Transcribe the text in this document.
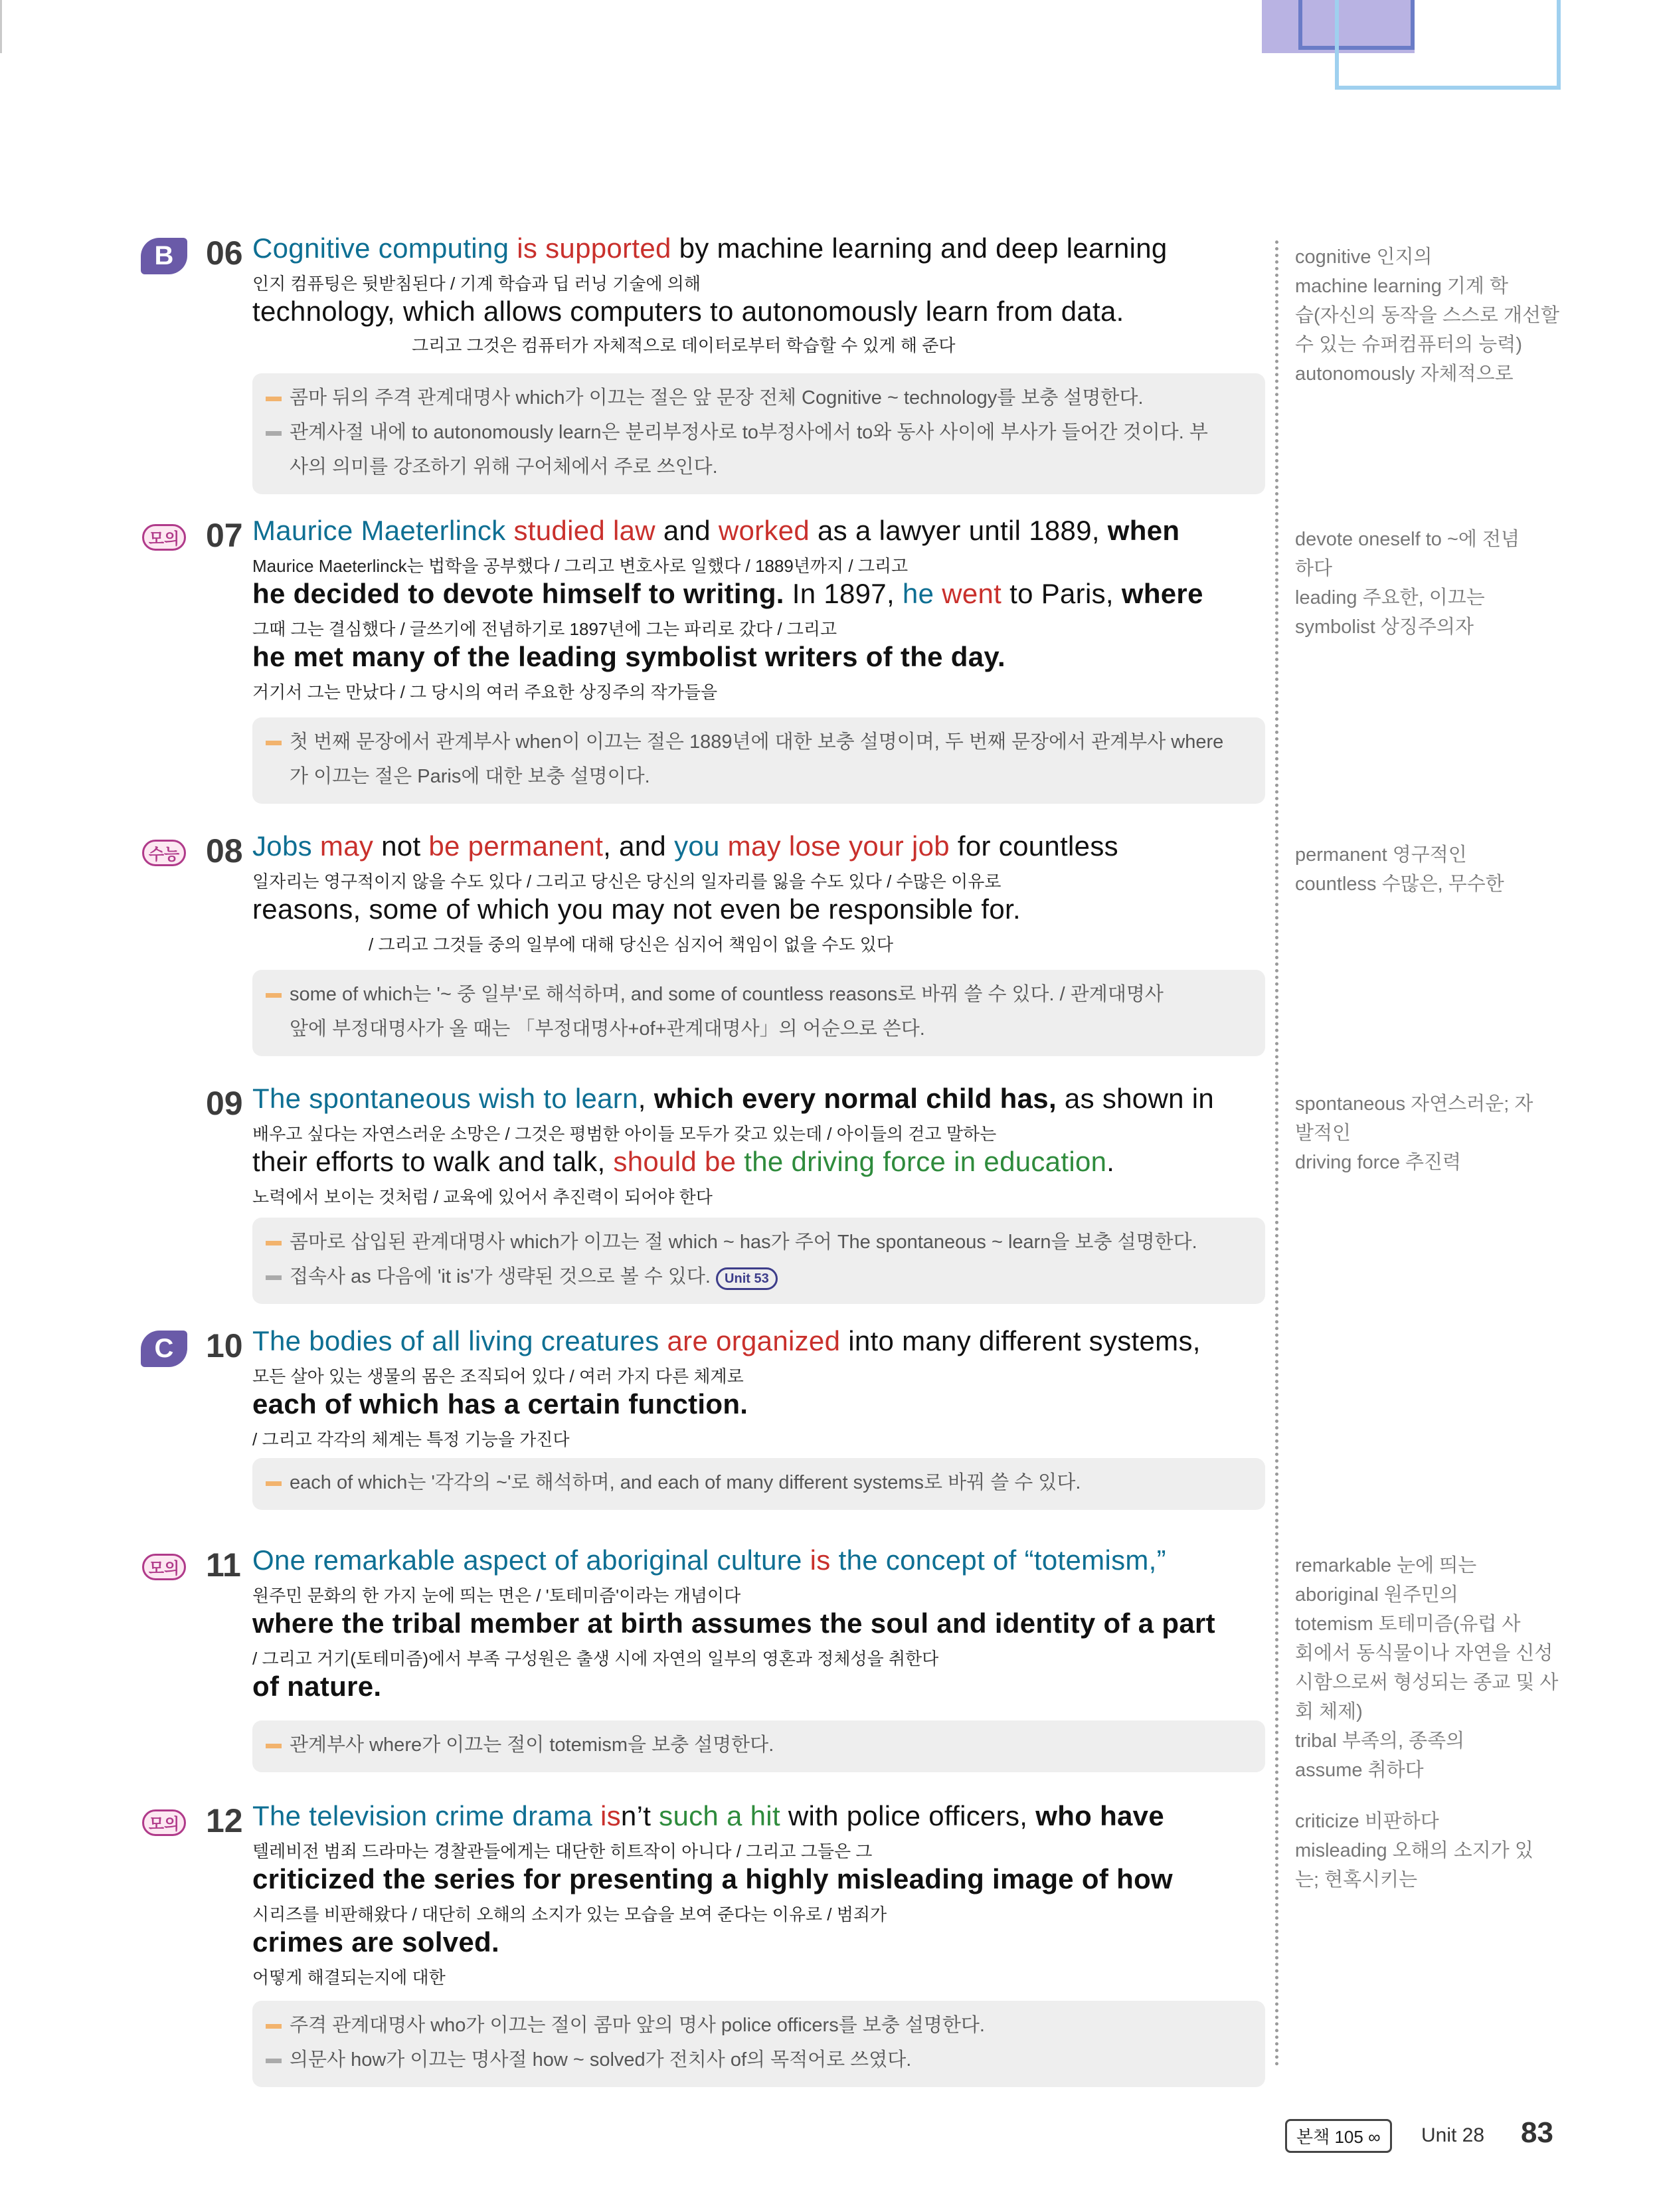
B 06 Cognitive computing is supported by machine learning and deep learning
인지 컴퓨팅은 뒷받침된다 / 기계 학습과 딥 러닝 기술에 의해
technology, which allows computers to autonomously learn from data.
그리고 그것은 컴퓨터가 자체적으로 데이터로부터 학습할 수 있게 해 준다

콤마 뒤의 주격 관계대명사 which가 이끄는 절은 앞 문장 전체 Cognitive ~ technology를 보충 설명한다.

관계사절 내에 to autonomously learn은 분리부정사로 to부정사에서 to와 동사 사이에 부사가 들어간 것이다. 부

사의 의미를 강조하기 위해 구어체에서 주로 쓰인다.

cognitive 인지의
machine learning 기계 학
습(자신의 동작을 스스로 개선할
수 있는 슈퍼컴퓨터의 능력)
autonomously 자체적으로
모의 07 Maurice Maeterlinck studied law and worked as a lawyer until 1889, when
Maurice Maeterlinck는 법학을 공부했다 / 그리고 변호사로 일했다 / 1889년까지 / 그리고
he decided to devote himself to writing. In 1897, he went to Paris, where
그때 그는 결심했다 / 글쓰기에 전념하기로 1897년에 그는 파리로 갔다 / 그리고
he met many of the leading symbolist writers of the day.
거기서 그는 만났다 / 그 당시의 여러 주요한 상징주의 작가들을

첫 번째 문장에서 관계부사 when이 이끄는 절은 1889년에 대한 보충 설명이며, 두 번째 문장에서 관계부사 where

가 이끄는 절은 Paris에 대한 보충 설명이다.

devote oneself to ~에 전념
하다
leading 주요한, 이끄는
symbolist 상징주의자
수능 08 Jobs may not be permanent, and you may lose your job for countless
일자리는 영구적이지 않을 수도 있다 / 그리고 당신은 당신의 일자리를 잃을 수도 있다 / 수많은 이유로
reasons, some of which you may not even be responsible for.
/ 그리고 그것들 중의 일부에 대해 당신은 심지어 책임이 없을 수도 있다

some of which는 '~ 중 일부'로 해석하며, and some of countless reasons로 바꿔 쓸 수 있다. / 관계대명사

앞에 부정대명사가 올 때는 「부정대명사+of+관계대명사」의 어순으로 쓴다.

permanent 영구적인
countless 수많은, 무수한
09 The spontaneous wish to learn, which every normal child has, as shown in
배우고 싶다는 자연스러운 소망은 / 그것은 평범한 아이들 모두가 갖고 있는데 / 아이들의 걷고 말하는
their efforts to walk and talk, should be the driving force in education.
노력에서 보이는 것처럼 / 교육에 있어서 추진력이 되어야 한다

콤마로 삽입된 관계대명사 which가 이끄는 절 which ~ has가 주어 The spontaneous ~ learn을 보충 설명한다.

접속사 as 다음에 'it is'가 생략된 것으로 볼 수 있다. Unit 53

spontaneous 자연스러운; 자
발적인
driving force 추진력
C 10 The bodies of all living creatures are organized into many different systems,
모든 살아 있는 생물의 몸은 조직되어 있다 / 여러 가지 다른 체계로
each of which has a certain function.
/ 그리고 각각의 체계는 특정 기능을 가진다

each of which는 '각각의 ~'로 해석하며, and each of many different systems로 바꿔 쓸 수 있다.

모의 11 One remarkable aspect of aboriginal culture is the concept of “totemism,”
원주민 문화의 한 가지 눈에 띄는 면은 / '토테미즘'이라는 개념이다
where the tribal member at birth assumes the soul and identity of a part
/ 그리고 거기(토테미즘)에서 부족 구성원은 출생 시에 자연의 일부의 영혼과 정체성을 취한다
of nature.

관계부사 where가 이끄는 절이 totemism을 보충 설명한다.

remarkable 눈에 띄는
aboriginal 원주민의
totemism 토테미즘(유럽 사
회에서 동식물이나 자연을 신성
시함으로써 형성되는 종교 및 사
회 체제)
tribal 부족의, 종족의
assume 취하다
모의 12 The television crime drama isn’t such a hit with police officers, who have
텔레비전 범죄 드라마는 경찰관들에게는 대단한 히트작이 아니다 / 그리고 그들은 그
criticized the series for presenting a highly misleading image of how
시리즈를 비판해왔다 / 대단히 오해의 소지가 있는 모습을 보여 준다는 이유로 / 범죄가
crimes are solved.
어떻게 해결되는지에 대한

주격 관계대명사 who가 이끄는 절이 콤마 앞의 명사 police officers를 보충 설명한다.

의문사 how가 이끄는 명사절 how ~ solved가 전치사 of의 목적어로 쓰였다.

criticize 비판하다
misleading 오해의 소지가 있
는; 현혹시키는
본책 105 ∞	Unit 28 83
